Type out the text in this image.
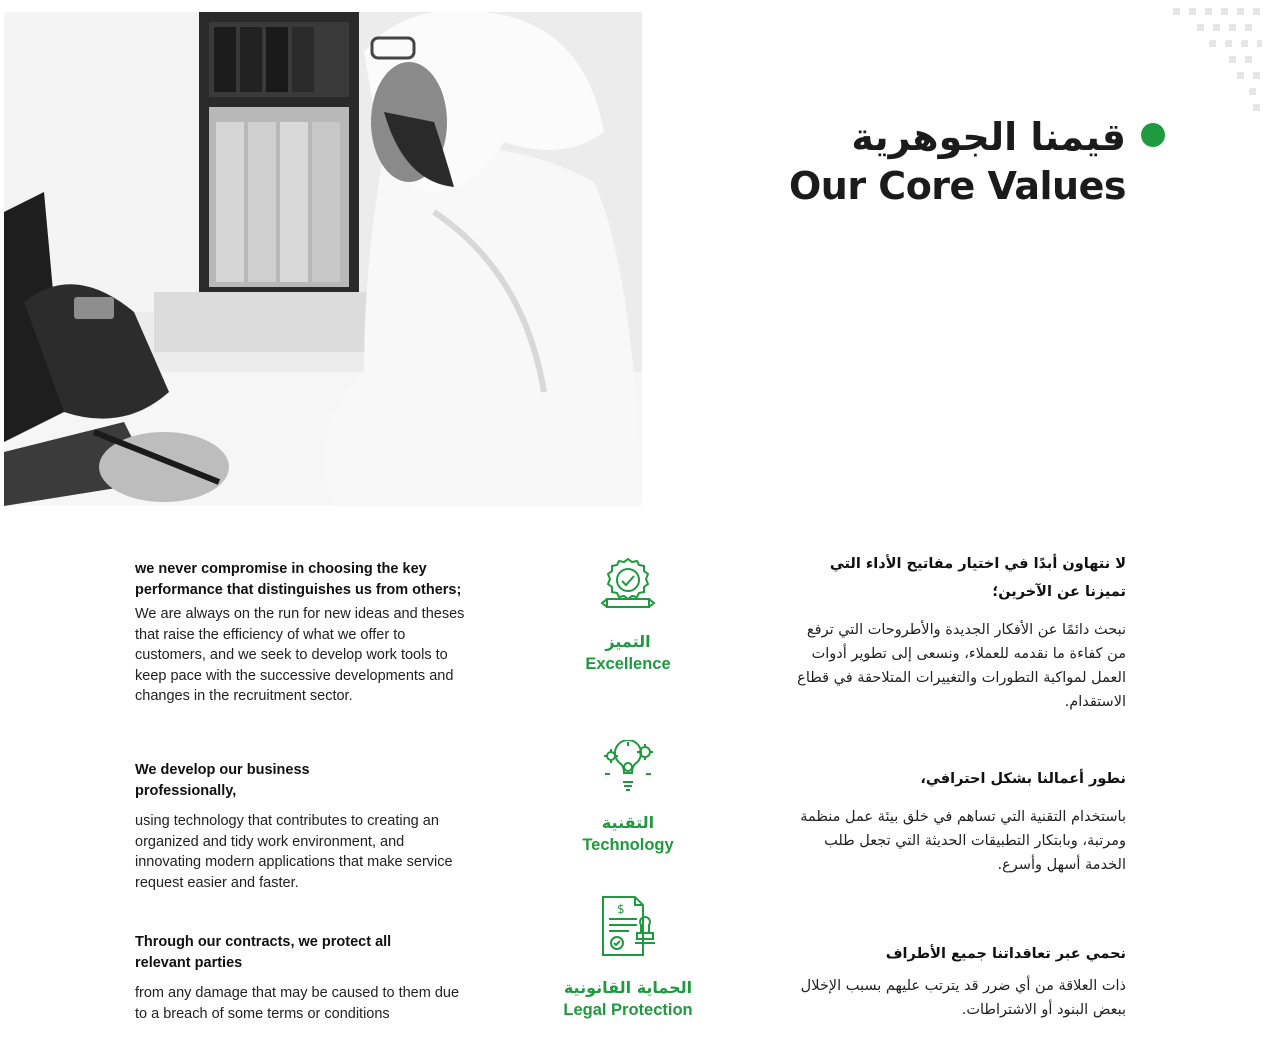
قيمنا الجوهرية
Our Core Values
we never compromise in choosing the key performance that distinguishes us from others;
We are always on the run for new ideas and theses that raise the efficiency of what we offer to customers, and we seek to develop work tools to keep pace with the successive developments and changes in the recruitment sector.
التميز
Excellence
لا نتهاون أبدًا في اختيار مفاتيح الأداء التي تميزنا عن الآخرين؛
نبحث دائمًا عن الأفكار الجديدة والأطروحات التي ترفع من كفاءة ما نقدمه للعملاء، ونسعى إلى تطوير أدوات العمل لمواكبة التطورات والتغييرات المتلاحقة في قطاع الاستقدام.
We develop our business professionally,
using technology that contributes to creating an organized and tidy work environment, and innovating modern applications that make service request easier and faster.
التقنية
Technology
نطور أعمالنا بشكل احترافي،
باستخدام التقنية التي تساهم في خلق بيئة عمل منظمة ومرتبة، وبابتكار التطبيقات الحديثة التي تجعل طلب الخدمة أسهل وأسرع.
Through our contracts, we protect all relevant parties
from any damage that may be caused to them due to a breach of some terms or conditions
$
الحماية القانونية
Legal Protection
نحمي عبر تعاقداتنا جميع الأطراف
ذات العلاقة من أي ضرر قد يترتب عليهم بسبب الإخلال ببعض البنود أو الاشتراطات.
